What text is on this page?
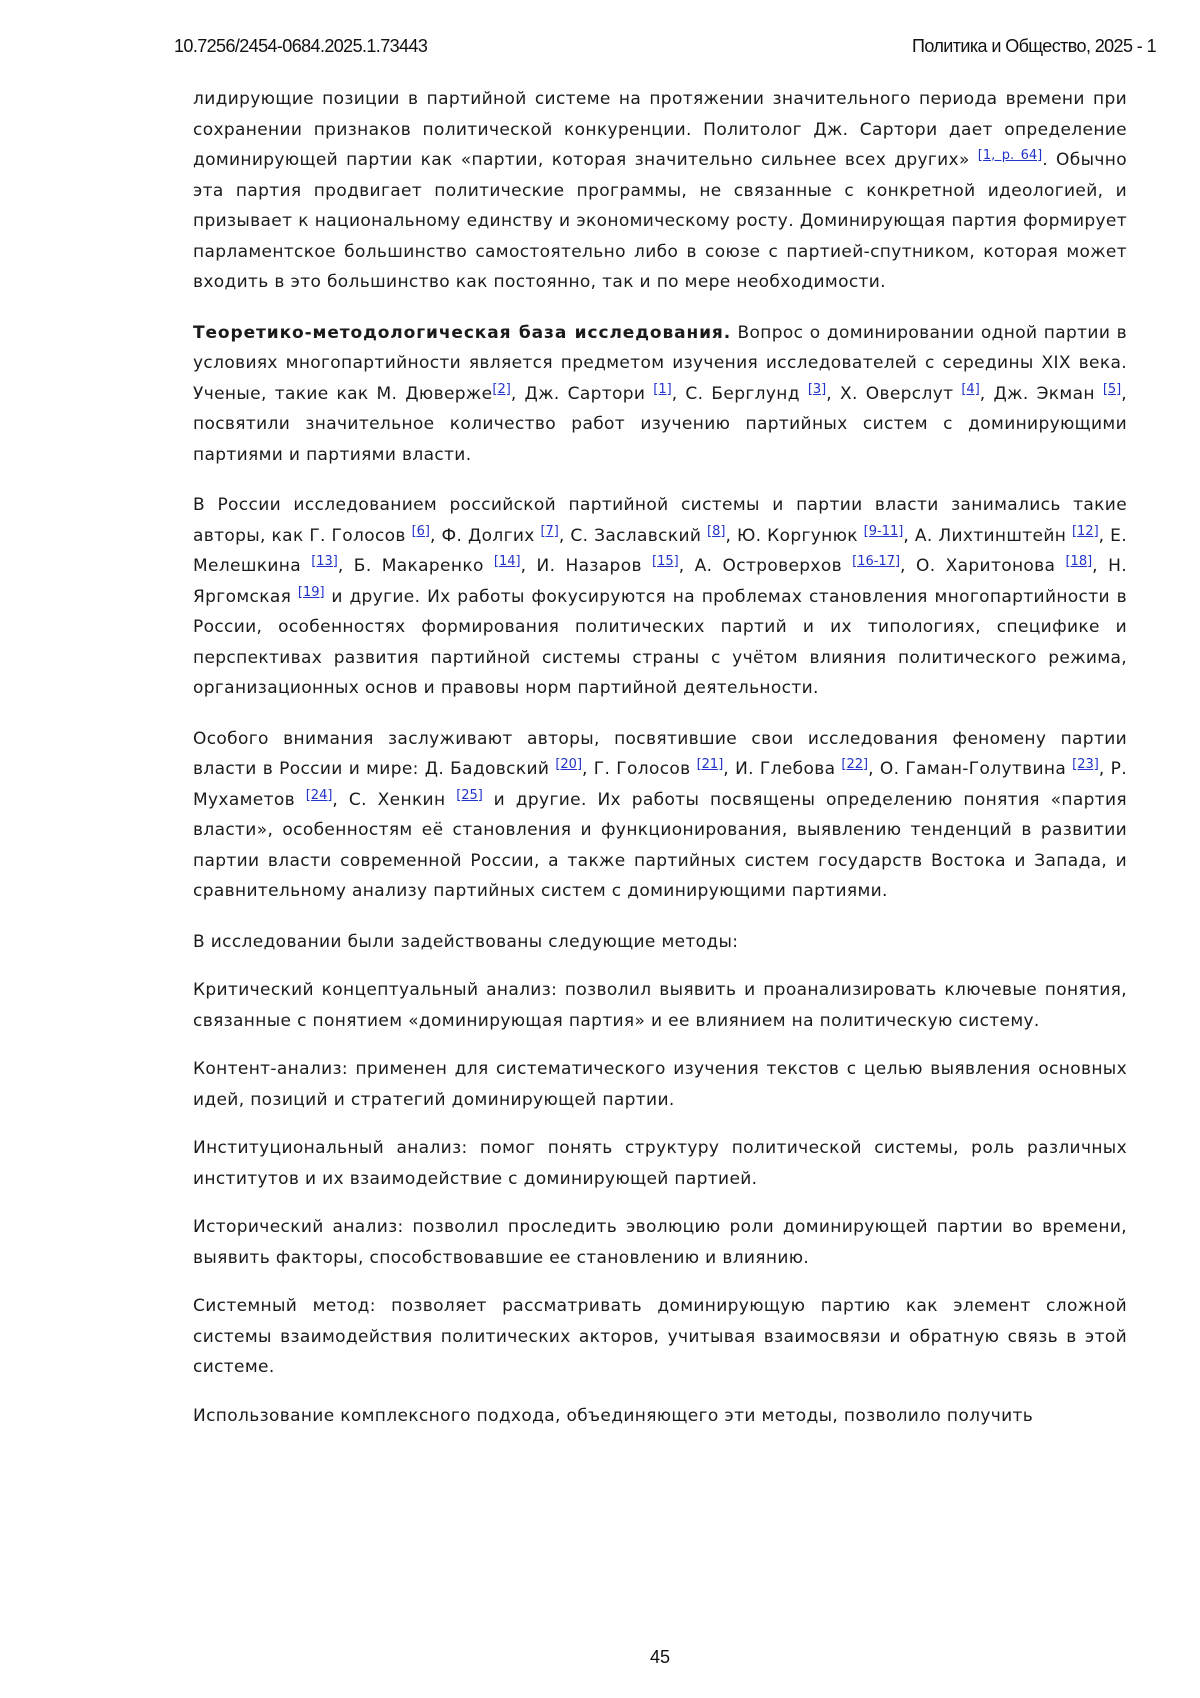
10.7256/2454-0684.2025.1.73443	Политика и Общество, 2025 - 1

лидирующие позиции в партийной системе на протяжении значительного периода времени при сохранении признаков политической конкуренции. Политолог Дж. Сартори дает определение доминирующей партии как «партии, которая значительно сильнее всех других» [1, p. 64]. Обычно эта партия продвигает политические программы, не связанные с конкретной идеологией, и призывает к национальному единству и экономическому росту. Доминирующая партия формирует парламентское большинство самостоятельно либо в союзе с партией-спутником, которая может входить в это большинство как постоянно, так и по мере необходимости.

Теоретико-методологическая база исследования. Вопрос о доминировании одной партии в условиях многопартийности является предметом изучения исследователей с середины XIX века. Ученые, такие как М. Дюверже[2], Дж. Сартори [1], С. Берглунд [3], Х. Оверслут [4], Дж. Экман [5], посвятили значительное количество работ изучению партийных систем с доминирующими партиями и партиями власти.

В России исследованием российской партийной системы и партии власти занимались такие авторы, как Г. Голосов [6], Ф. Долгих [7], С. Заславский [8], Ю. Коргунюк [9-11], А. Лихтинштейн [12], Е. Мелешкина [13], Б. Макаренко [14], И. Назаров [15], А. Островерхов [16-17], О. Харитонова [18], Н. Яргомская [19] и другие. Их работы фокусируются на проблемах становления многопартийности в России, особенностях формирования политических партий и их типологиях, специфике и перспективах развития партийной системы страны с учётом влияния политического режима, организационных основ и правовы норм партийной деятельности.

Особого внимания заслуживают авторы, посвятившие свои исследования феномену партии власти в России и мире: Д. Бадовский [20], Г. Голосов [21], И. Глебова [22], О. Гаман-Голутвина [23], Р. Мухаметов [24], С. Хенкин [25] и другие. Их работы посвящены определению понятия «партия власти», особенностям её становления и функционирования, выявлению тенденций в развитии партии власти современной России, а также партийных систем государств Востока и Запада, и сравнительному анализу партийных систем с доминирующими партиями.

В исследовании были задействованы следующие методы:

Критический концептуальный анализ: позволил выявить и проанализировать ключевые понятия, связанные с понятием «доминирующая партия» и ее влиянием на политическую систему.

Контент-анализ: применен для систематического изучения текстов с целью выявления основных идей, позиций и стратегий доминирующей партии.

Институциональный анализ: помог понять структуру политической системы, роль различных институтов и их взаимодействие с доминирующей партией.

Исторический анализ: позволил проследить эволюцию роли доминирующей партии во времени, выявить факторы, способствовавшие ее становлению и влиянию.

Системный метод: позволяет рассматривать доминирующую партию как элемент сложной системы взаимодействия политических акторов, учитывая взаимосвязи и обратную связь в этой системе.

Использование комплексного подхода, объединяющего эти методы, позволило получить

45
